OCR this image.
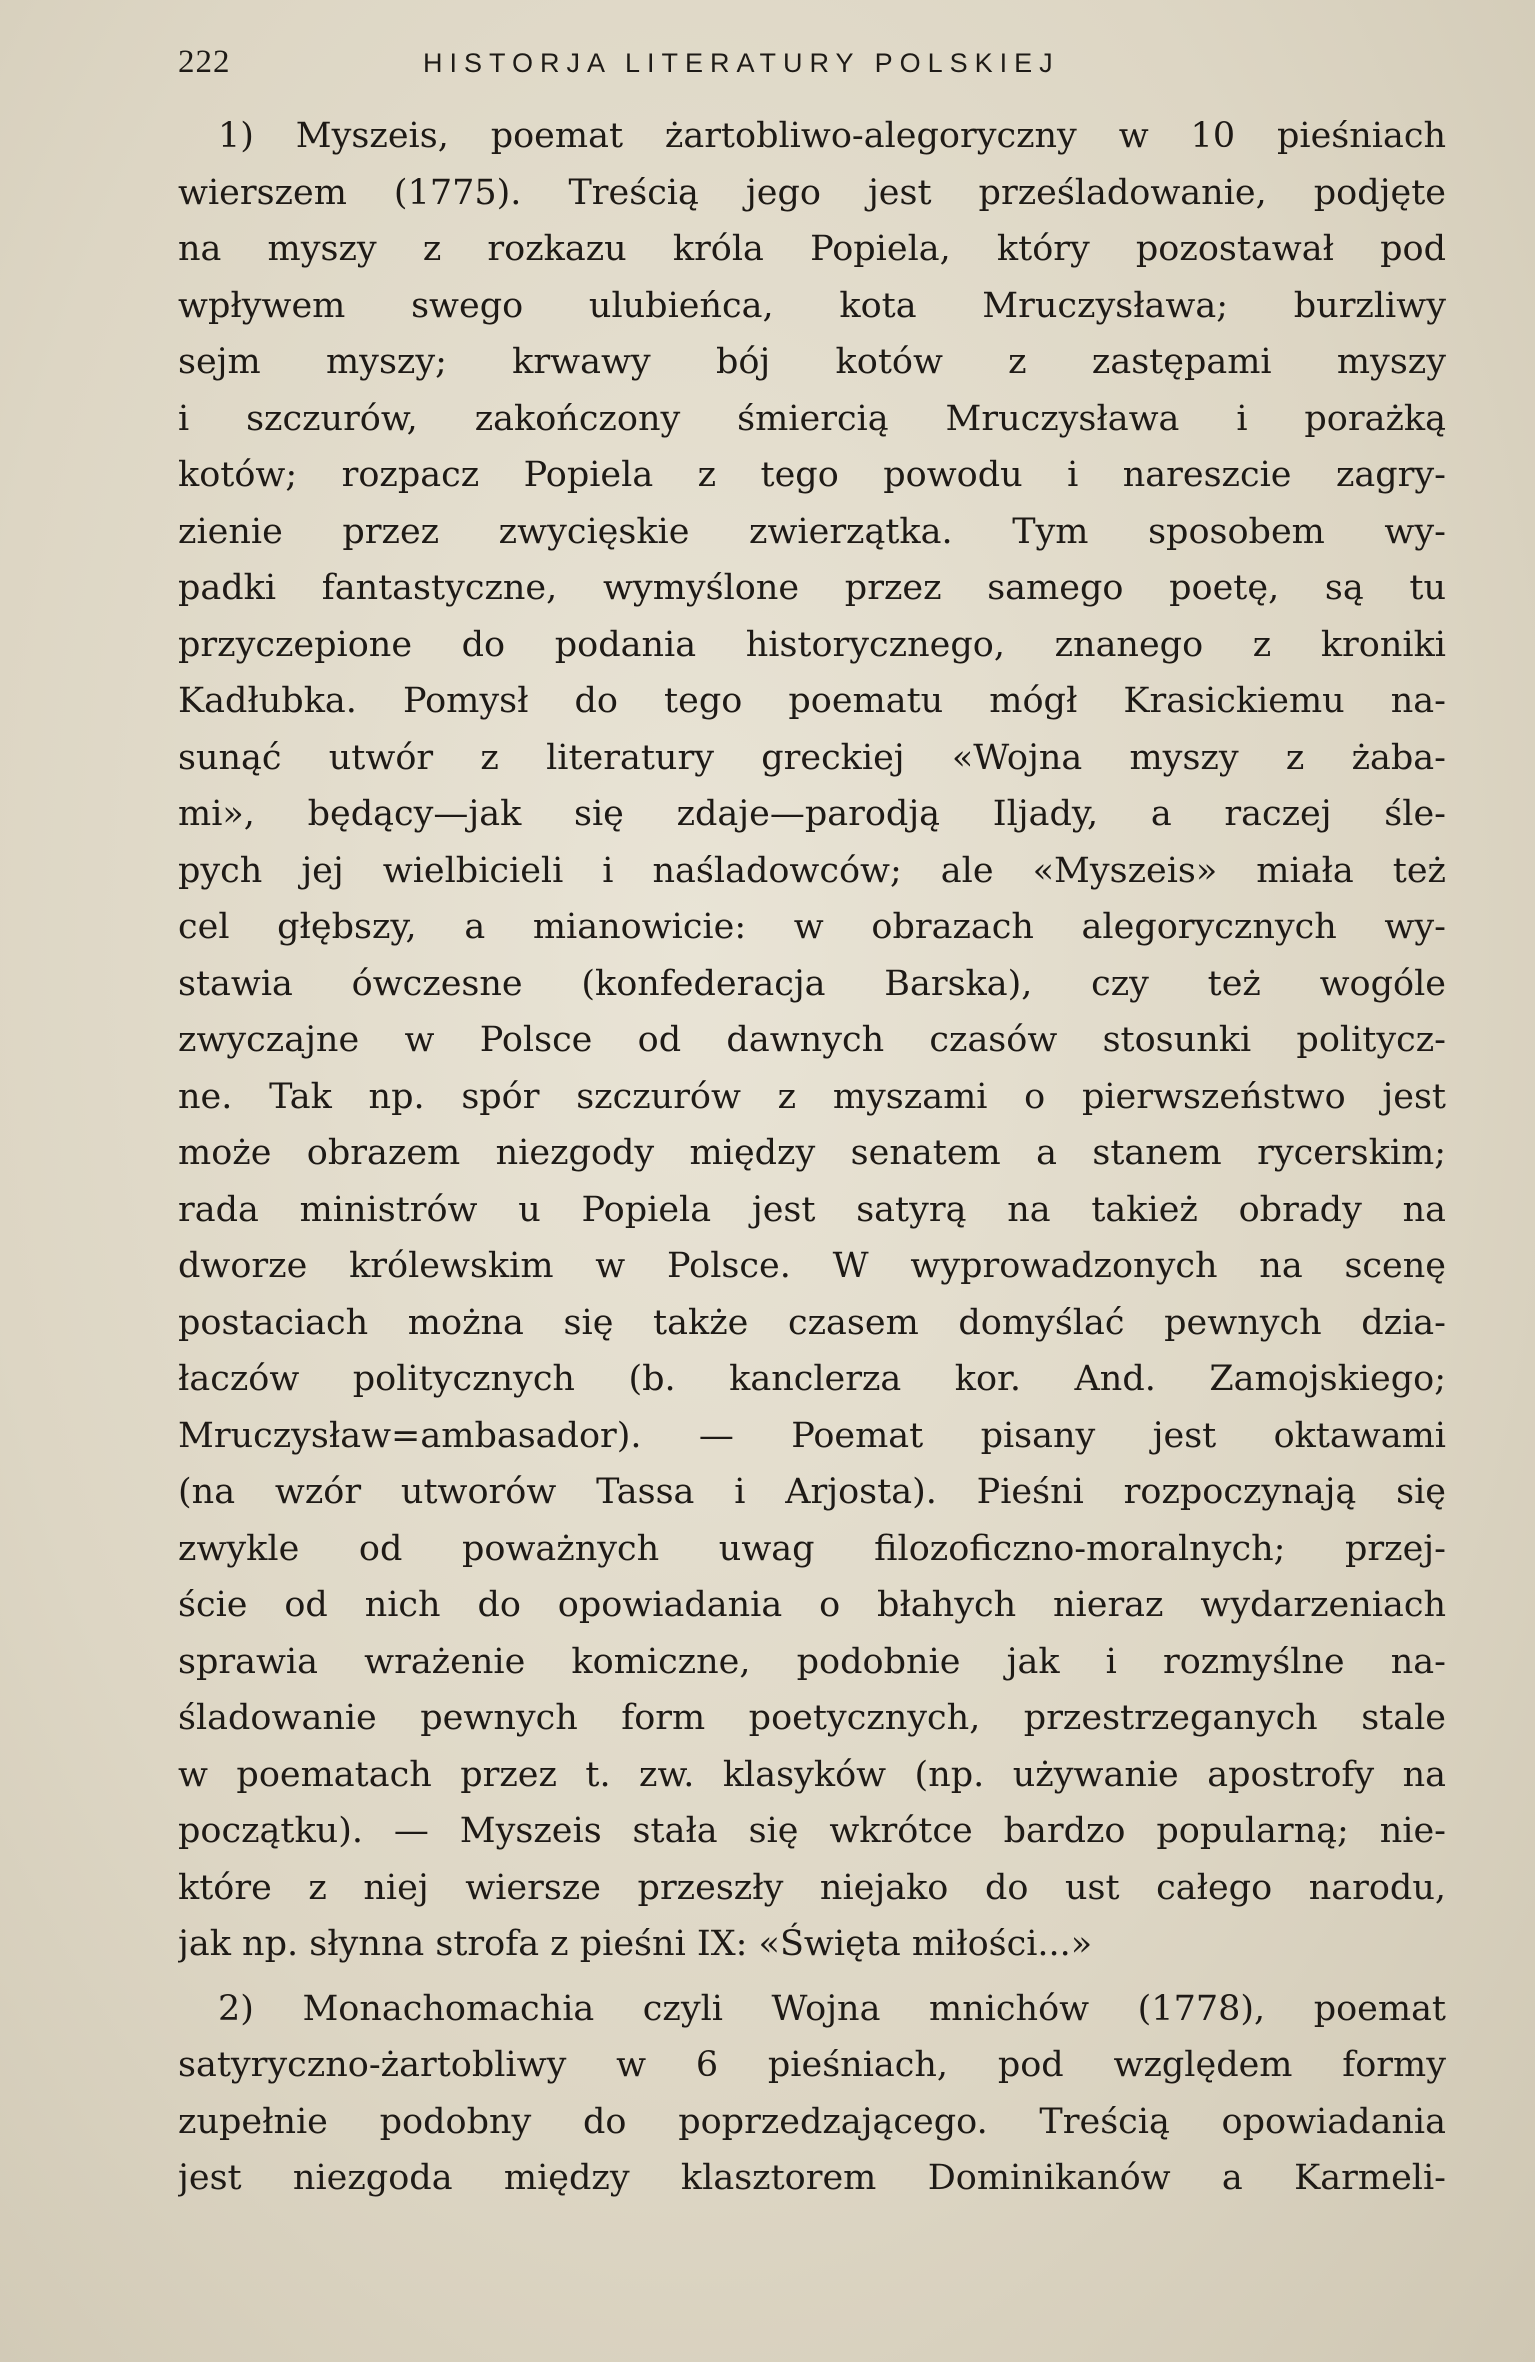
222	HISTORJA LITERATURY POLSKIEJ
1) Myszeis, poemat żartobliwo-alegoryczny w 10 pieśniach
wierszem (1775). Treścią jego jest prześladowanie, podjęte
na myszy z rozkazu króla Popiela, który pozostawał pod
wpływem swego ulubieńca, kota Mruczysława; burzliwy
sejm myszy; krwawy bój kotów z zastępami myszy
i szczurów, zakończony śmiercią Mruczysława i porażką
kotów; rozpacz Popiela z tego powodu i nareszcie zagry-
zienie przez zwycięskie zwierzątka. Tym sposobem wy-
padki fantastyczne, wymyślone przez samego poetę, są tu
przyczepione do podania historycznego, znanego z kroniki
Kadłubka. Pomysł do tego poematu mógł Krasickiemu na-
sunąć utwór z literatury greckiej «Wojna myszy z żaba-
mi», będący—jak się zdaje—parodją Iljady, a raczej ślе-
pych jej wielbicieli i naśladowców; ale «Myszeis» miała też
cel głębszy, a mianowicie: w obrazach alegorycznych wy-
stawia ówczesne (konfederacja Barska), czy też wogóle
zwyczajne w Polsce od dawnych czasów stosunki politycz-
ne. Tak np. spór szczurów z myszami o pierwszeństwo jest
może obrazem niezgody między senatem a stanem rycerskim;
rada ministrów u Popiela jest satyrą na takież obrady na
dworze królewskim w Polsce. W wyprowadzonych na scenę
postaciach można się także czasem domyślać pewnych dzia-
łaczów politycznych (b. kanclerza kor. And. Zamojskiego;
Mruczysław=ambasador). — Poemat pisany jest oktawami
(na wzór utworów Tassa i Arjosta). Pieśni rozpoczynają się
zwykle od poważnych uwag filozoficzno-moralnych; przej-
ście od nich do opowiadania o błahych nieraz wydarzeniach
sprawia wrażenie komiczne, podobnie jak i rozmyślne na-
śladowanie pewnych form poetycznych, przestrzeganych stale
w poematach przez t. zw. klasyków (np. używanie apostrofy na
początku). — Myszeis stała się wkrótce bardzo popularną; nie-
które z niej wiersze przeszły niejako do ust całego narodu,
jak np. słynna strofa z pieśni IX: «Święta miłości...»
2) Monachomachia czyli Wojna mnichów (1778), poemat
satyryczno-żartobliwy w 6 pieśniach, pod względem formy
zupełnie podobny do poprzedzającego. Treścią opowiadania
jest niezgoda między klasztorem Dominikanów a Karmeli-
